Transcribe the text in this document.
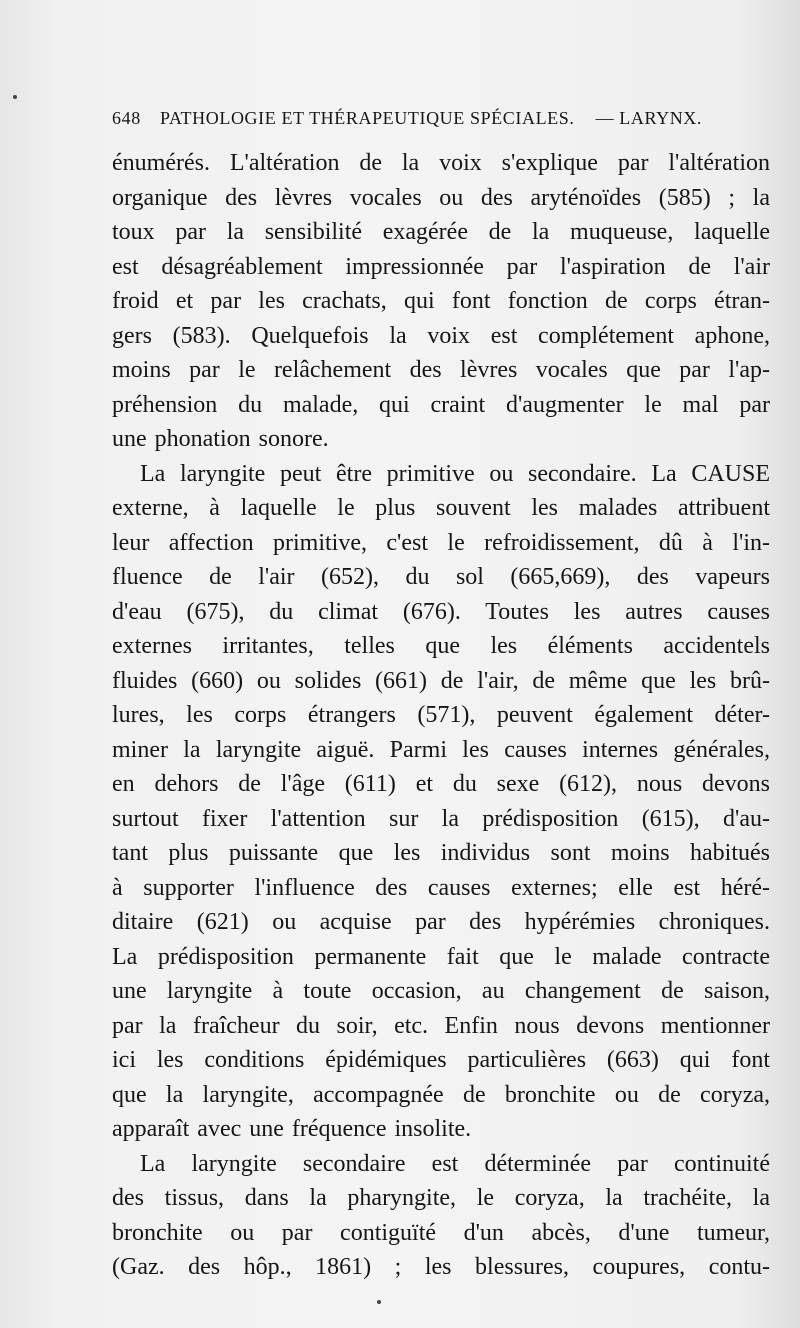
648 PATHOLOGIE ET THÉRAPEUTIQUE SPÉCIALES. — LARYNX.
énumérés. L'altération de la voix s'explique par l'altération
organique des lèvres vocales ou des aryténoïdes (585) ; la
toux par la sensibilité exagérée de la muqueuse, laquelle
est désagréablement impressionnée par l'aspiration de l'air
froid et par les crachats, qui font fonction de corps étran-
gers (583). Quelquefois la voix est complétement aphone,
moins par le relâchement des lèvres vocales que par l'ap-
préhension du malade, qui craint d'augmenter le mal par
une phonation sonore.
La laryngite peut être primitive ou secondaire. La CAUSE
externe, à laquelle le plus souvent les malades attribuent
leur affection primitive, c'est le refroidissement, dû à l'in-
fluence de l'air (652), du sol (665,669), des vapeurs
d'eau (675), du climat (676). Toutes les autres causes
externes irritantes, telles que les éléments accidentels
fluides (660) ou solides (661) de l'air, de même que les brû-
lures, les corps étrangers (571), peuvent également déter-
miner la laryngite aiguë. Parmi les causes internes générales,
en dehors de l'âge (611) et du sexe (612), nous devons
surtout fixer l'attention sur la prédisposition (615), d'au-
tant plus puissante que les individus sont moins habitués
à supporter l'influence des causes externes; elle est héré-
ditaire (621) ou acquise par des hypérémies chroniques.
La prédisposition permanente fait que le malade contracte
une laryngite à toute occasion, au changement de saison,
par la fraîcheur du soir, etc. Enfin nous devons mentionner
ici les conditions épidémiques particulières (663) qui font
que la laryngite, accompagnée de bronchite ou de coryza,
apparaît avec une fréquence insolite.
La laryngite secondaire est déterminée par continuité
des tissus, dans la pharyngite, le coryza, la trachéite, la
bronchite ou par contiguïté d'un abcès, d'une tumeur,
(Gaz. des hôp., 1861) ; les blessures, coupures, contu-
